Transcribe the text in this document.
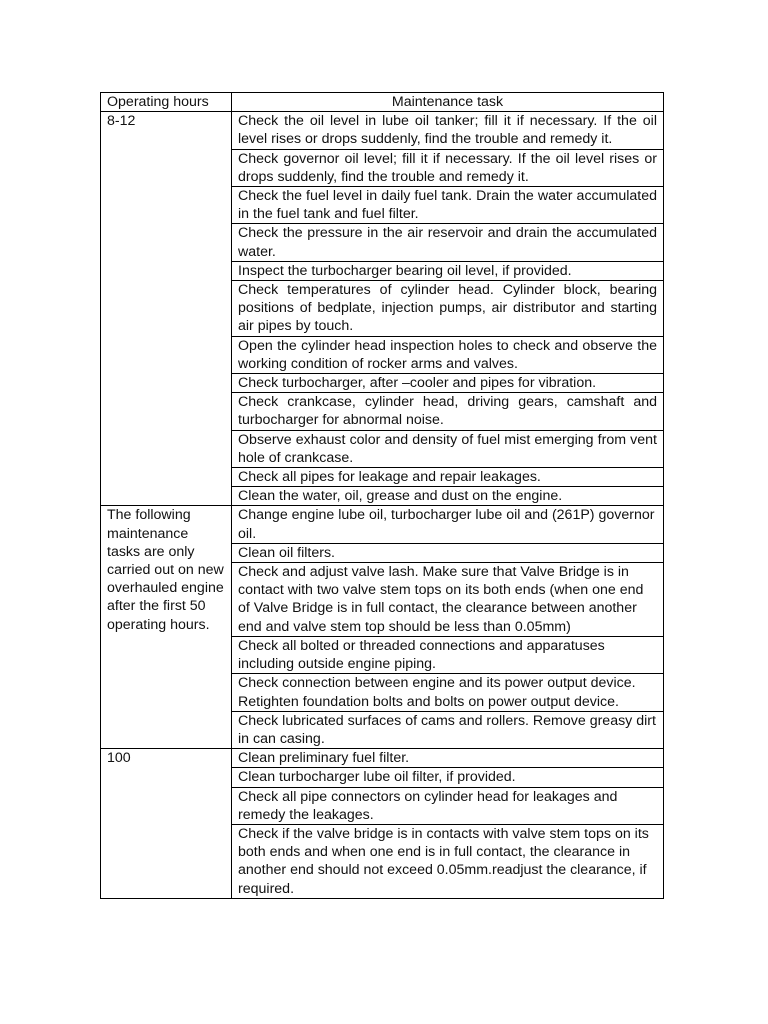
Operating hours	Maintenance task
8-12	Check the oil level in lube oil tanker; fill it if necessary. If the oil level rises or drops suddenly, find the trouble and remedy it.
	Check governor oil level; fill it if necessary. If the oil level rises or drops suddenly, find the trouble and remedy it.
	Check the fuel level in daily fuel tank. Drain the water accumulated in the fuel tank and fuel filter.
	Check the pressure in the air reservoir and drain the accumulated water.
	Inspect the turbocharger bearing oil level, if provided.
	Check temperatures of cylinder head. Cylinder block, bearing positions of bedplate, injection pumps, air distributor and starting air pipes by touch.
	Open the cylinder head inspection holes to check and observe the working condition of rocker arms and valves.
	Check turbocharger, after –cooler and pipes for vibration.
	Check crankcase, cylinder head, driving gears, camshaft and turbocharger for abnormal noise.
	Observe exhaust color and density of fuel mist emerging from vent hole of crankcase.
	Check all pipes for leakage and repair leakages.
	Clean the water, oil, grease and dust on the engine.
The following maintenance tasks are only carried out on new overhauled engine after the first 50 operating hours.	Change engine lube oil, turbocharger lube oil and (261P) governor oil.
	Clean oil filters.
	Check and adjust valve lash. Make sure that Valve Bridge is in contact with two valve stem tops on its both ends (when one end of Valve Bridge is in full contact, the clearance between another end and valve stem top should be less than 0.05mm)
	Check all bolted or threaded connections and apparatuses including outside engine piping.
	Check connection between engine and its power output device. Retighten foundation bolts and bolts on power output device.
	Check lubricated surfaces of cams and rollers. Remove greasy dirt in can casing.
100	Clean preliminary fuel filter.
	Clean turbocharger lube oil filter, if provided.
	Check all pipe connectors on cylinder head for leakages and remedy the leakages.
	Check if the valve bridge is in contacts with valve stem tops on its both ends and when one end is in full contact, the clearance in another end should not exceed 0.05mm.readjust the clearance, if required.
